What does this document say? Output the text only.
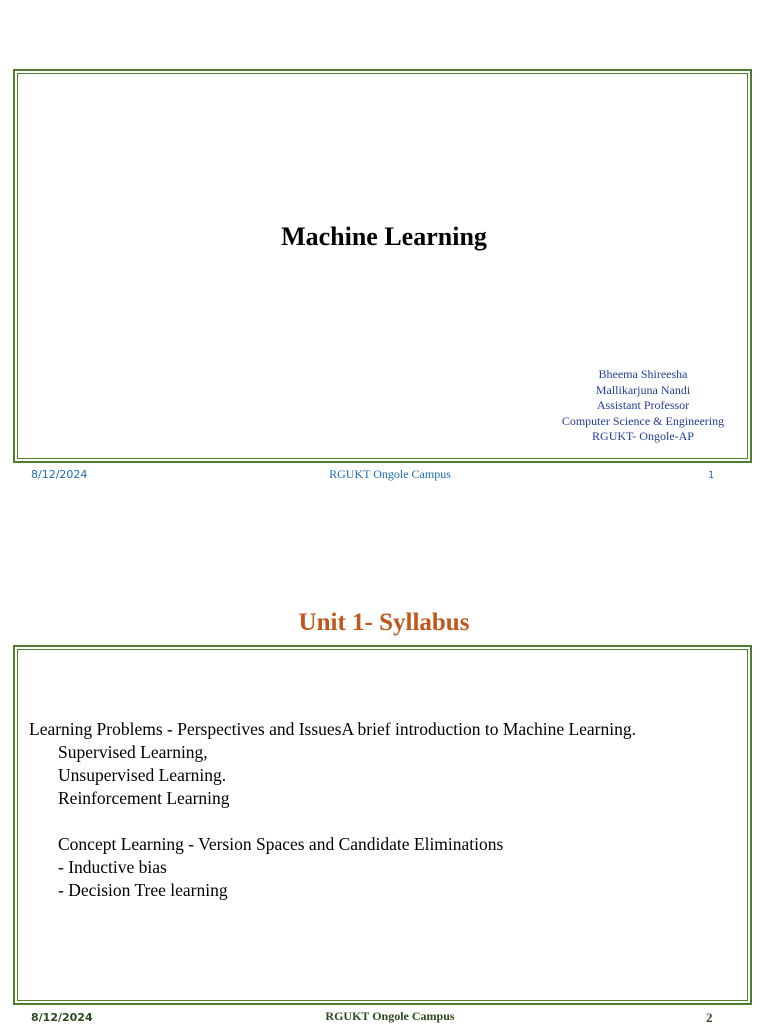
Machine Learning
Bheema Shireesha
Mallikarjuna Nandi
Assistant Professor
Computer Science & Engineering
RGUKT- Ongole-AP
8/12/2024	RGUKT Ongole Campus	1
Unit 1- Syllabus
Learning Problems - Perspectives and IssuesA brief introduction to Machine Learning.
Supervised Learning,
Unsupervised Learning.
Reinforcement Learning
Concept Learning - Version Spaces and Candidate Eliminations
- Inductive bias
- Decision Tree learning
8/12/2024	RGUKT Ongole Campus	2
